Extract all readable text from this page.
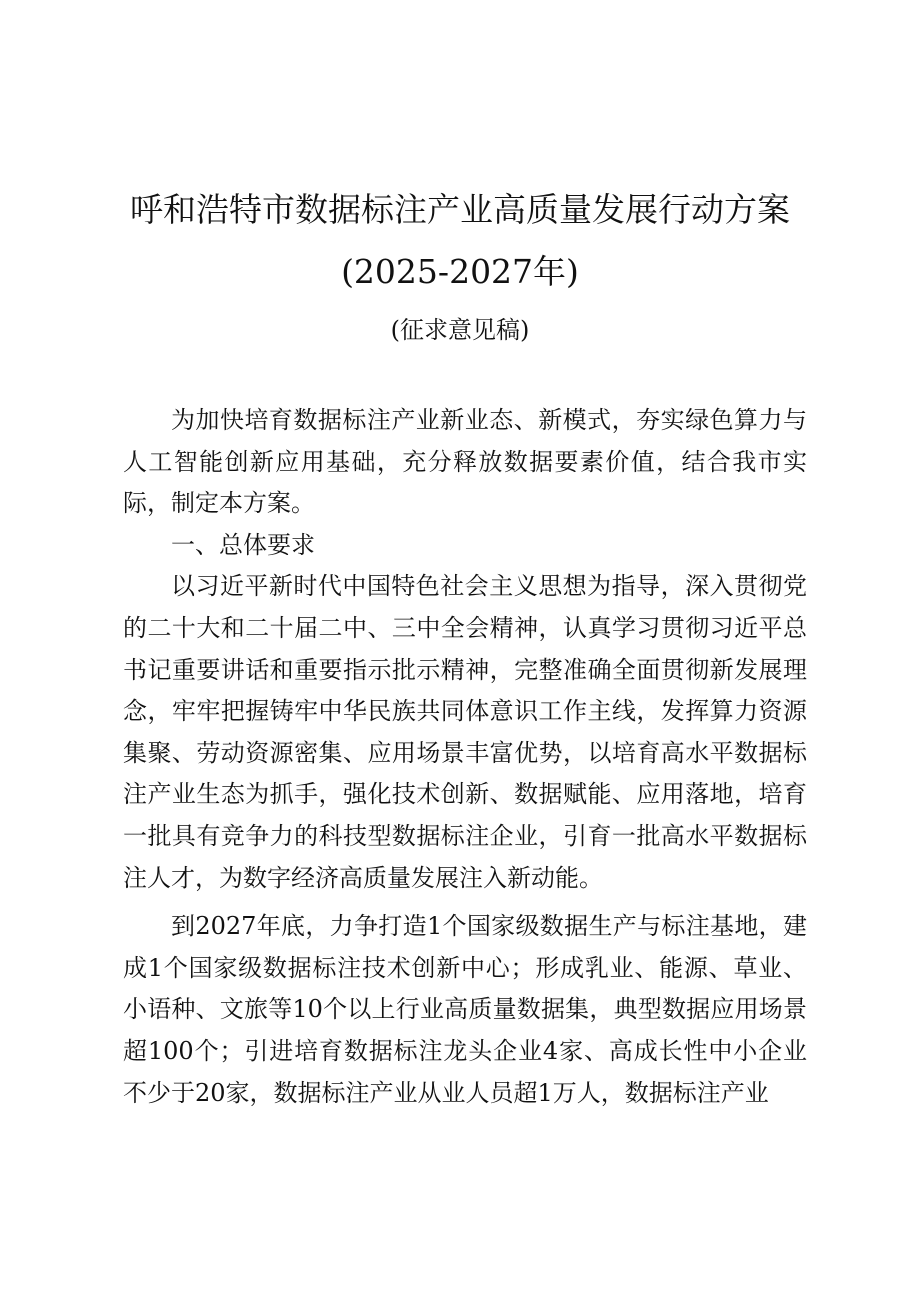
呼和浩特市数据标注产业高质量发展行动方案
(2025-2027年)

(征求意见稿)

为加快培育数据标注产业新业态、新模式，夯实绿色算力与人工智能创新应用基础，充分释放数据要素价值，结合我市实际，制定本方案。

一、总体要求

以习近平新时代中国特色社会主义思想为指导，深入贯彻党的二十大和二十届二中、三中全会精神，认真学习贯彻习近平总书记重要讲话和重要指示批示精神，完整准确全面贯彻新发展理念，牢牢把握铸牢中华民族共同体意识工作主线，发挥算力资源集聚、劳动资源密集、应用场景丰富优势，以培育高水平数据标注产业生态为抓手，强化技术创新、数据赋能、应用落地，培育一批具有竞争力的科技型数据标注企业，引育一批高水平数据标注人才，为数字经济高质量发展注入新动能。

到2027年底，力争打造1个国家级数据生产与标注基地，建成1个国家级数据标注技术创新中心；形成乳业、能源、草业、小语种、文旅等10个以上行业高质量数据集，典型数据应用场景超100个；引进培育数据标注龙头企业4家、高成长性中小企业不少于20家，数据标注产业从业人员超1万人，数据标注产业
